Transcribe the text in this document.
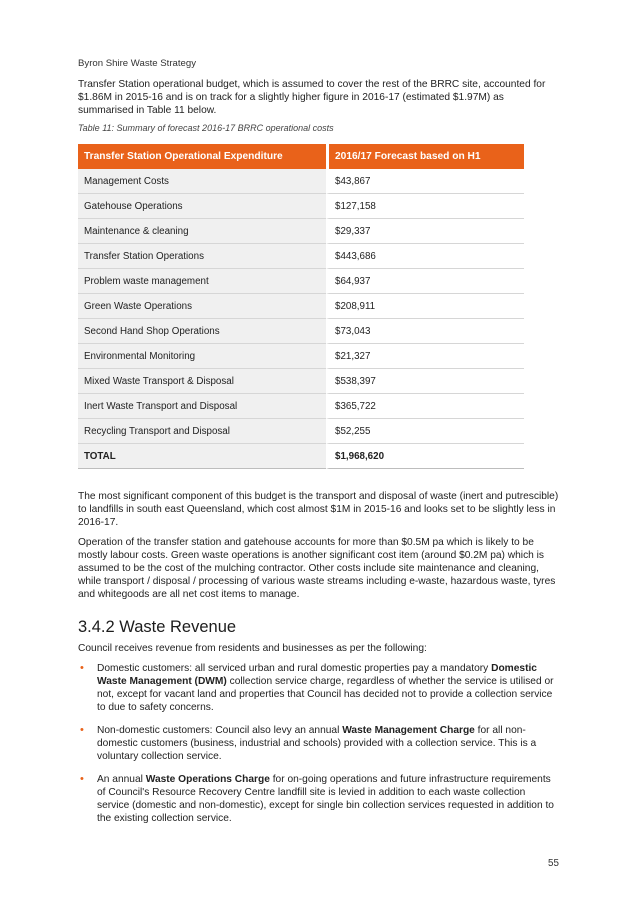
Byron Shire Waste Strategy

Transfer Station operational budget, which is assumed to cover the rest of the BRRC site, accounted for $1.86M in 2015-16 and is on track for a slightly higher figure in 2016-17 (estimated $1.97M) as summarised in Table 11 below.

Table 11: Summary of forecast 2016-17 BRRC operational costs
Transfer Station Operational Expenditure	2016/17 Forecast based on H1
Management Costs	$43,867
Gatehouse Operations	$127,158
Maintenance & cleaning	$29,337
Transfer Station Operations	$443,686
Problem waste management	$64,937
Green Waste Operations	$208,911
Second Hand Shop Operations	$73,043
Environmental Monitoring	$21,327
Mixed Waste Transport & Disposal	$538,397
Inert Waste Transport and Disposal	$365,722
Recycling Transport and Disposal	$52,255
TOTAL	$1,968,620

The most significant component of this budget is the transport and disposal of waste (inert and putrescible) to landfills in south east Queensland, which cost almost $1M in 2015-16 and looks set to be slightly less in 2016-17.

Operation of the transfer station and gatehouse accounts for more than $0.5M pa which is likely to be mostly labour costs. Green waste operations is another significant cost item (around $0.2M pa) which is assumed to be the cost of the mulching contractor. Other costs include site maintenance and cleaning, while transport / disposal / processing of various waste streams including e-waste, hazardous waste, tyres and whitegoods are all net cost items to manage.

3.4.2 Waste Revenue

Council receives revenue from residents and businesses as per the following:

• Domestic customers: all serviced urban and rural domestic properties pay a mandatory Domestic Waste Management (DWM) collection service charge, regardless of whether the service is utilised or not, except for vacant land and properties that Council has decided not to provide a collection service to due to safety concerns.
• Non-domestic customers: Council also levy an annual Waste Management Charge for all non-domestic customers (business, industrial and schools) provided with a collection service. This is a voluntary collection service.
• An annual Waste Operations Charge for on-going operations and future infrastructure requirements of Council's Resource Recovery Centre landfill site is levied in addition to each waste collection service (domestic and non-domestic), except for single bin collection services requested in addition to the existing collection service.
55
